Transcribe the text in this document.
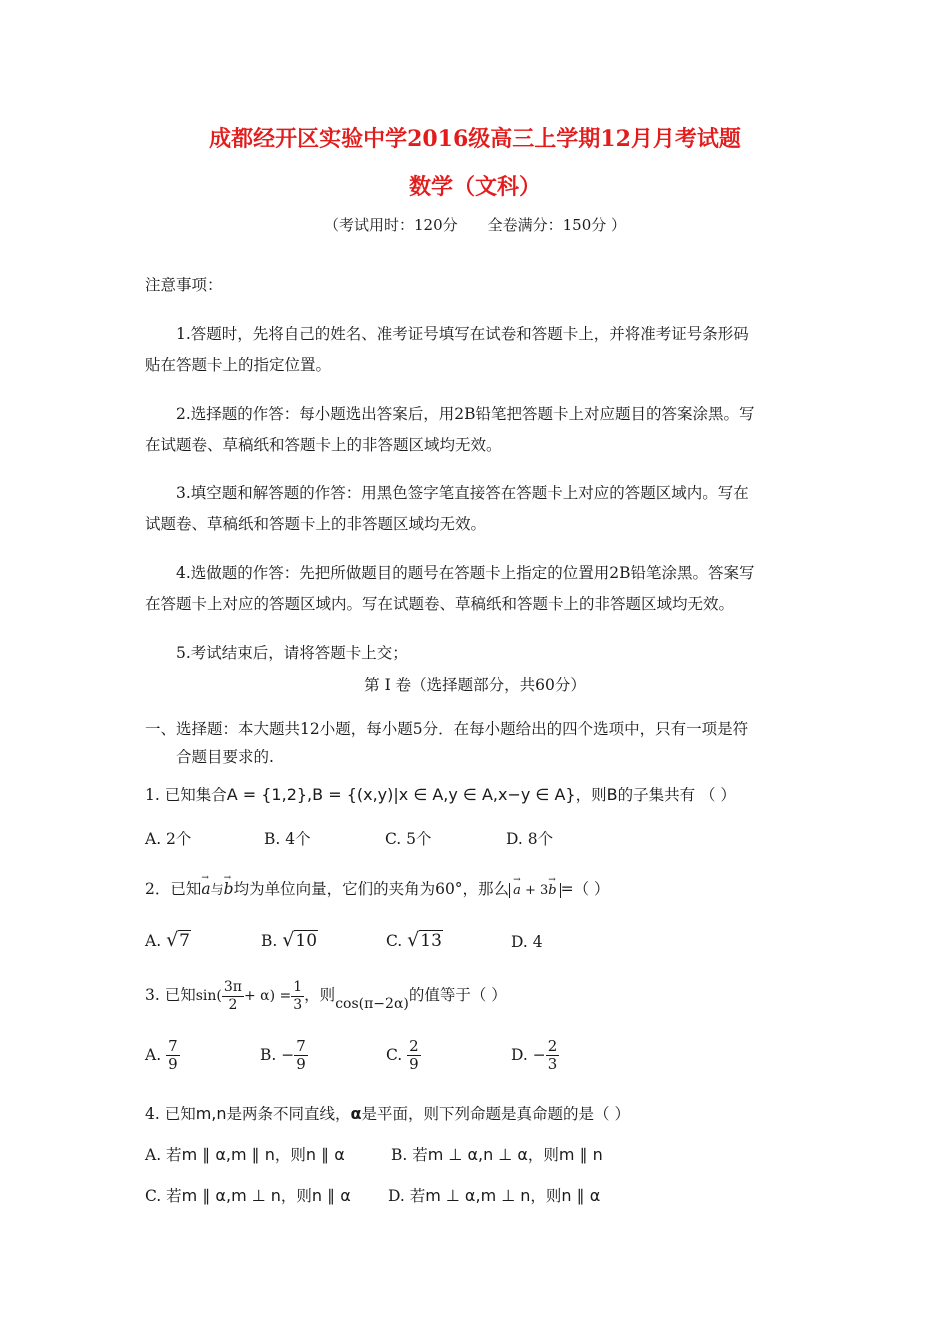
成都经开区实验中学2016级高三上学期12月月考试题
数学（文科）
（考试用时：120分　　全卷满分：150分 ）
注意事项：
1.答题时，先将自己的姓名、准考证号填写在试卷和答题卡上，并将准考证号条形码
贴在答题卡上的指定位置。
2.选择题的作答：每小题选出答案后，用2B铅笔把答题卡上对应题目的答案涂黑。写
在试题卷、草稿纸和答题卡上的非答题区域均无效。
3.填空题和解答题的作答：用黑色签字笔直接答在答题卡上对应的答题区域内。写在
试题卷、草稿纸和答题卡上的非答题区域均无效。
4.选做题的作答：先把所做题目的题号在答题卡上指定的位置用2B铅笔涂黑。答案写
在答题卡上对应的答题区域内。写在试题卷、草稿纸和答题卡上的非答题区域均无效。
5.考试结束后，请将答题卡上交；
第 I 卷（选择题部分，共60分）
一、选择题：本大题共12小题，每小题5分．在每小题给出的四个选项中，只有一项是符
合题目要求的.
1. 已知集合A = {1,2},B = {(x,y)|x ∈ A,y ∈ A,x−y ∈ A}，则B的子集共有 （ ）
A. 2个	B. 4个	C. 5个	D. 8个
2．已知→ a与→ b均为单位向量，它们的夹角为60°，那么→ a + 3→ b =（ ）
A. √7	B. √10	C. √13	D. 4
3. 已知$\sin( \frac{3\pi}{2} + \alpha) = \frac{1}{3}$ ，则cos(π−2α)的值等于（ ）
A. $\frac{7}{9}$	B. − $\frac{7}{9}$	C. $\frac{2}{9}$	D. − $\frac{2}{3}$
4. 已知m,n是两条不同直线，α是平面，则下列命题是真命题的是（ ）
A. 若m ∥ α,m ∥ n，则n ∥ α	B. 若m ⊥ α,n ⊥ α，则m ∥ n
C. 若m ∥ α,m ⊥ n，则n ∥ α D. 若m ⊥ α,m ⊥ n，则n ∥ α
